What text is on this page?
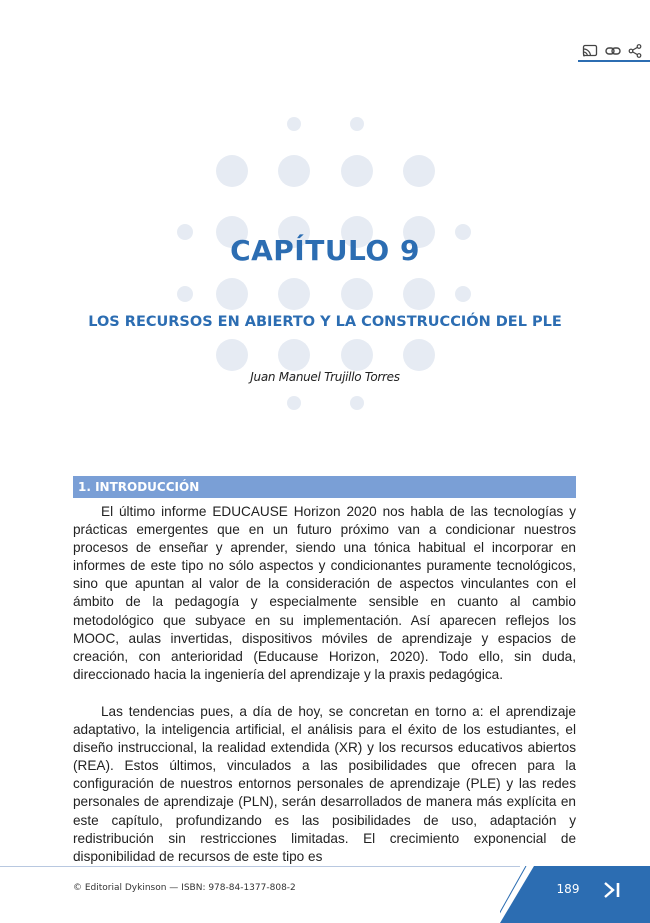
CAPÍTULO 9
LOS RECURSOS EN ABIERTO Y LA CONSTRUCCIÓN DEL PLE
Juan Manuel Trujillo Torres
1. INTRODUCCIÓN

El último informe EDUCAUSE Horizon 2020 nos habla de las tecnologías y prácticas emergentes que en un futuro próximo van a condicionar nuestros procesos de enseñar y aprender, siendo una tónica habitual el incorporar en informes de este tipo no sólo aspectos y condicionantes puramente tecnológicos, sino que apuntan al valor de la consideración de aspectos vinculantes con el ámbito de la pedagogía y especialmente sensible en cuanto al cambio metodológico que subyace en su implementación. Así aparecen reflejos los MOOC, aulas invertidas, dispositivos móviles de aprendizaje y espacios de creación, con anterioridad (Educause Horizon, 2020). Todo ello, sin duda, direccionado hacia la ingeniería del aprendizaje y la praxis pedagógica.

Las tendencias pues, a día de hoy, se concretan en torno a: el aprendizaje adaptativo, la inteligencia artificial, el análisis para el éxito de los estudiantes, el diseño instruccional, la realidad extendida (XR) y los recursos educativos abiertos (REA). Estos últimos, vinculados a las posibilidades que ofrecen para la configuración de nuestros entornos personales de aprendizaje (PLE) y las redes personales de aprendizaje (PLN), serán desarrollados de manera más explícita en este capítulo, profundizando es las posibilidades de uso, adaptación y redistribución sin restricciones limitadas. El crecimiento exponencial de disponibilidad de recursos de este tipo es

© Editorial Dykinson — ISBN: 978-84-1377-808-2	189
